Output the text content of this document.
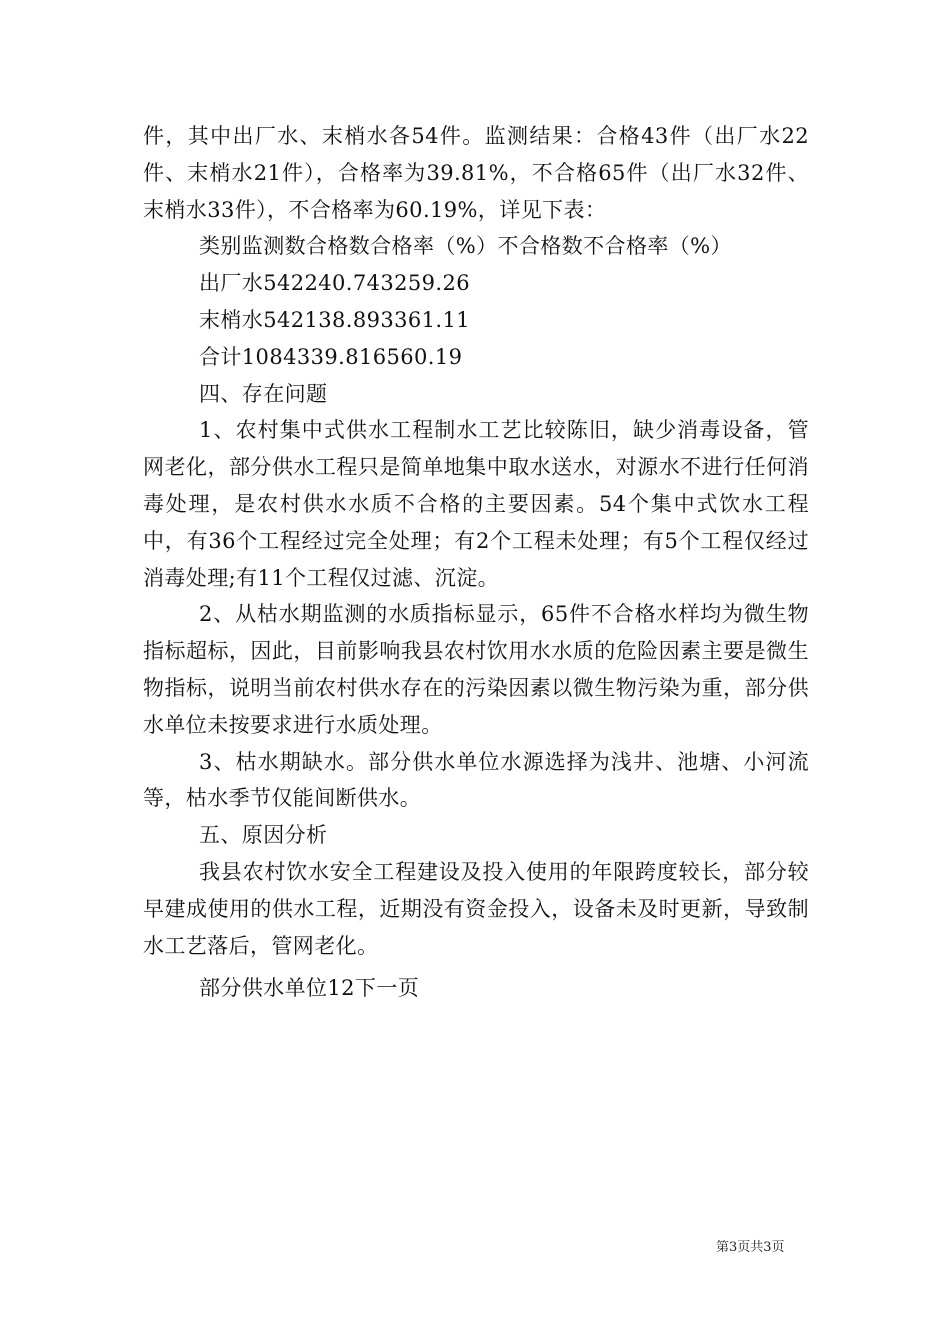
件，其中出厂水、末梢水各54件。监测结果：合格43件（出厂水22件、末梢水21件），合格率为39.81%，不合格65件（出厂水32件、末梢水33件），不合格率为60.19%，详见下表：

类别监测数合格数合格率（%）不合格数不合格率（%）

出厂水542240.743259.26

末梢水542138.893361.11

合计1084339.816560.19

四、存在问题

1、农村集中式供水工程制水工艺比较陈旧，缺少消毒设备，管网老化，部分供水工程只是简单地集中取水送水，对源水不进行任何消毒处理，是农村供水水质不合格的主要因素。54个集中式饮水工程中，有36个工程经过完全处理；有2个工程未处理；有5个工程仅经过消毒处理;有11个工程仅过滤、沉淀。

2、从枯水期监测的水质指标显示，65件不合格水样均为微生物指标超标，因此，目前影响我县农村饮用水水质的危险因素主要是微生物指标，说明当前农村供水存在的污染因素以微生物污染为重，部分供水单位未按要求进行水质处理。

3、枯水期缺水。部分供水单位水源选择为浅井、池塘、小河流等，枯水季节仅能间断供水。

五、原因分析

我县农村饮水安全工程建设及投入使用的年限跨度较长，部分较早建成使用的供水工程，近期没有资金投入，设备未及时更新，导致制水工艺落后，管网老化。

部分供水单位12下一页

第3页共3页
